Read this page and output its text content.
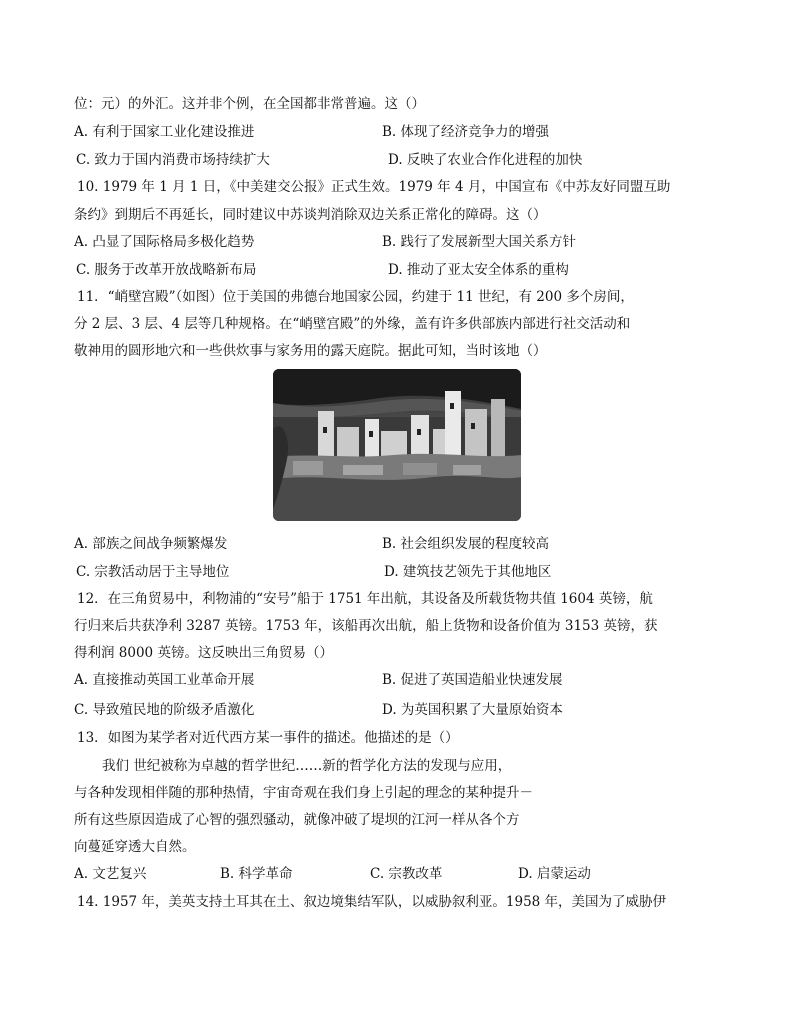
位：元）的外汇。这并非个例，在全国都非常普遍。这（）
A. 有利于国家工业化建设推进	B. 体现了经济竞争力的增强
C. 致力于国内消费市场持续扩大	D. 反映了农业合作化进程的加快
10. 1979 年 1 月 1 日，《中美建交公报》正式生效。1979 年 4 月，中国宣布《中苏友好同盟互助
条约》到期后不再延长，同时建议中苏谈判消除双边关系正常化的障碍。这（）
A. 凸显了国际格局多极化趋势	B. 践行了发展新型大国关系方针
C. 服务于改革开放战略新布局	D. 推动了亚太安全体系的重构
11．“峭壁宫殿”（如图）位于美国的弗德台地国家公园，约建于 11 世纪，有 200 多个房间，
分 2 层、3 层、4 层等几种规格。在“峭壁宫殿”的外缘，盖有许多供部族内部进行社交活动和
敬神用的圆形地穴和一些供炊事与家务用的露天庭院。据此可知，当时该地（）
A. 部族之间战争频繁爆发	B. 社会组织发展的程度较高
C. 宗教活动居于主导地位	D. 建筑技艺领先于其他地区
12．在三角贸易中，利物浦的“安号”船于 1751 年出航，其设备及所载货物共值 1604 英镑，航
行归来后共获净利 3287 英镑。1753 年，该船再次出航，船上货物和设备价值为 3153 英镑，获
得利润 8000 英镑。这反映出三角贸易（）
A. 直接推动英国工业革命开展	B. 促进了英国造船业快速发展
C. 导致殖民地的阶级矛盾激化	D. 为英国积累了大量原始资本
13．如图为某学者对近代西方某一事件的描述。他描述的是（）
我们 世纪被称为卓越的哲学世纪……新的哲学化方法的发现与应用，
与各种发现相伴随的那种热情，宇宙奇观在我们身上引起的理念的某种提升－
所有这些原因造成了心智的强烈骚动，就像冲破了堤坝的江河一样从各个方
向蔓延穿透大自然。
A. 文艺复兴	B. 科学革命	C. 宗教改革	D. 启蒙运动
14. 1957 年，美英支持土耳其在土、叙边境集结军队，以威胁叙利亚。1958 年，美国为了威胁伊
